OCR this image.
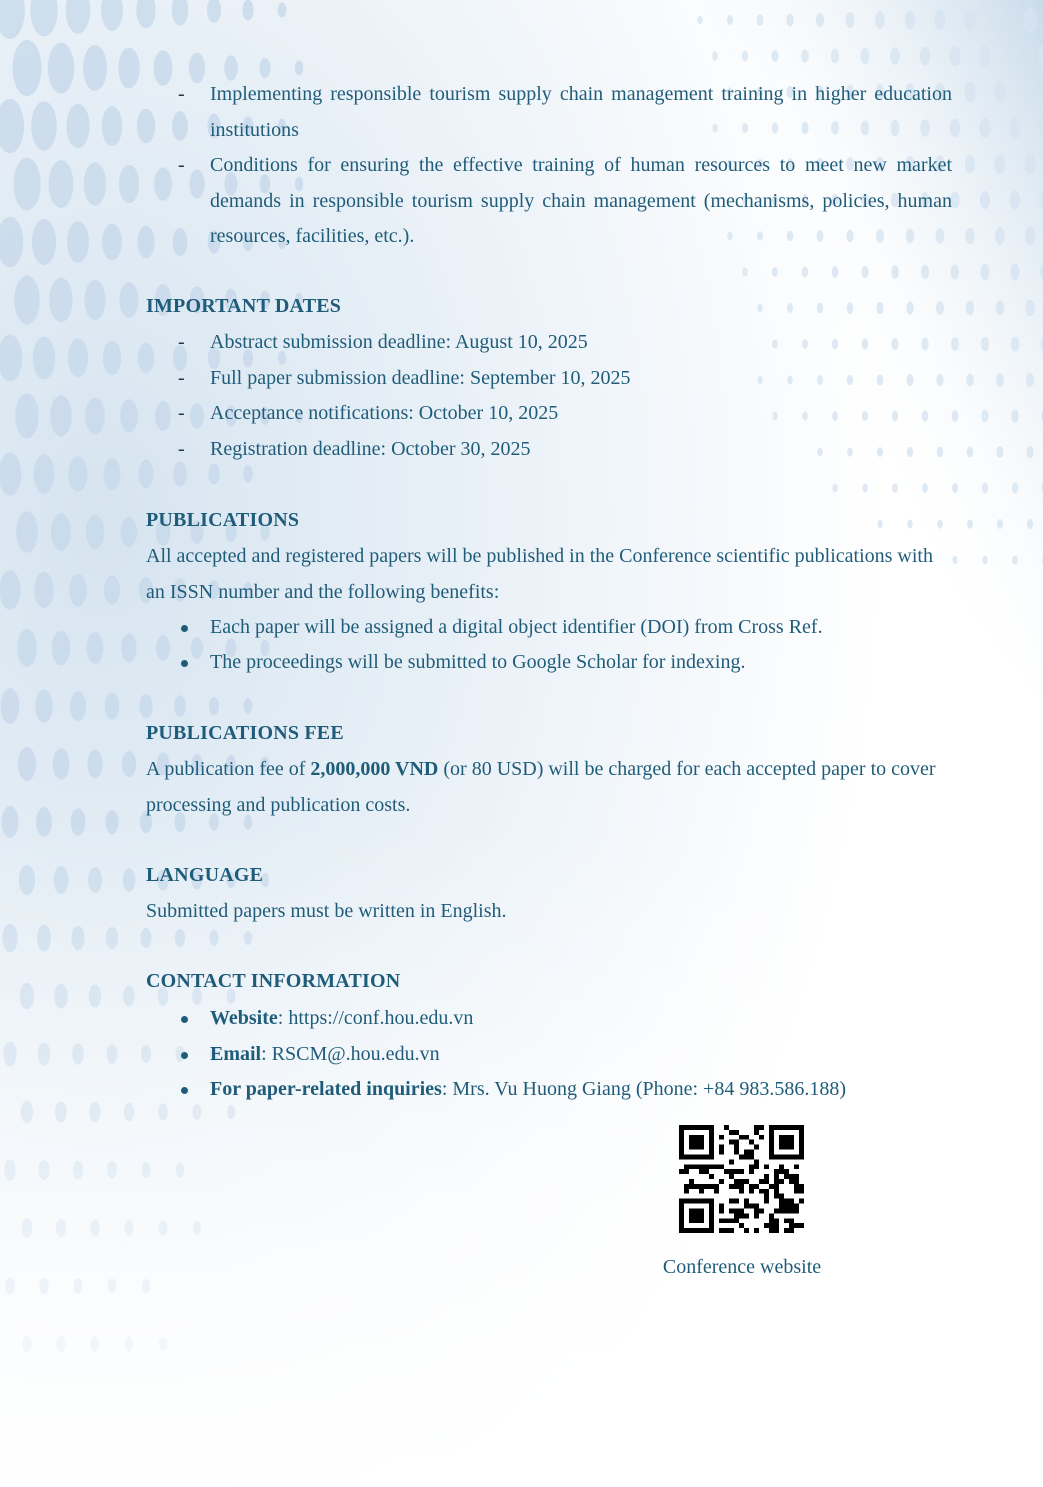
- Implementing responsible tourism supply chain management training in higher education institutions
- Conditions for ensuring the effective training of human resources to meet new market demands in responsible tourism supply chain management (mechanisms, policies, human resources, facilities, etc.).
IMPORTANT DATES
- Abstract submission deadline: August 10, 2025
- Full paper submission deadline: September 10, 2025
- Acceptance notifications: October 10, 2025
- Registration deadline: October 30, 2025
PUBLICATIONS
All accepted and registered papers will be published in the Conference scientific publications with an ISSN number and the following benefits:
Each paper will be assigned a digital object identifier (DOI) from Cross Ref.
The proceedings will be submitted to Google Scholar for indexing.
PUBLICATIONS FEE
A publication fee of 2,000,000 VND (or 80 USD) will be charged for each accepted paper to cover processing and publication costs.
LANGUAGE
Submitted papers must be written in English.
CONTACT INFORMATION
Website: https://conf.hou.edu.vn
Email: RSCM@.hou.edu.vn
For paper-related inquiries: Mrs. Vu Huong Giang (Phone: +84 983.586.188)
Conference website
